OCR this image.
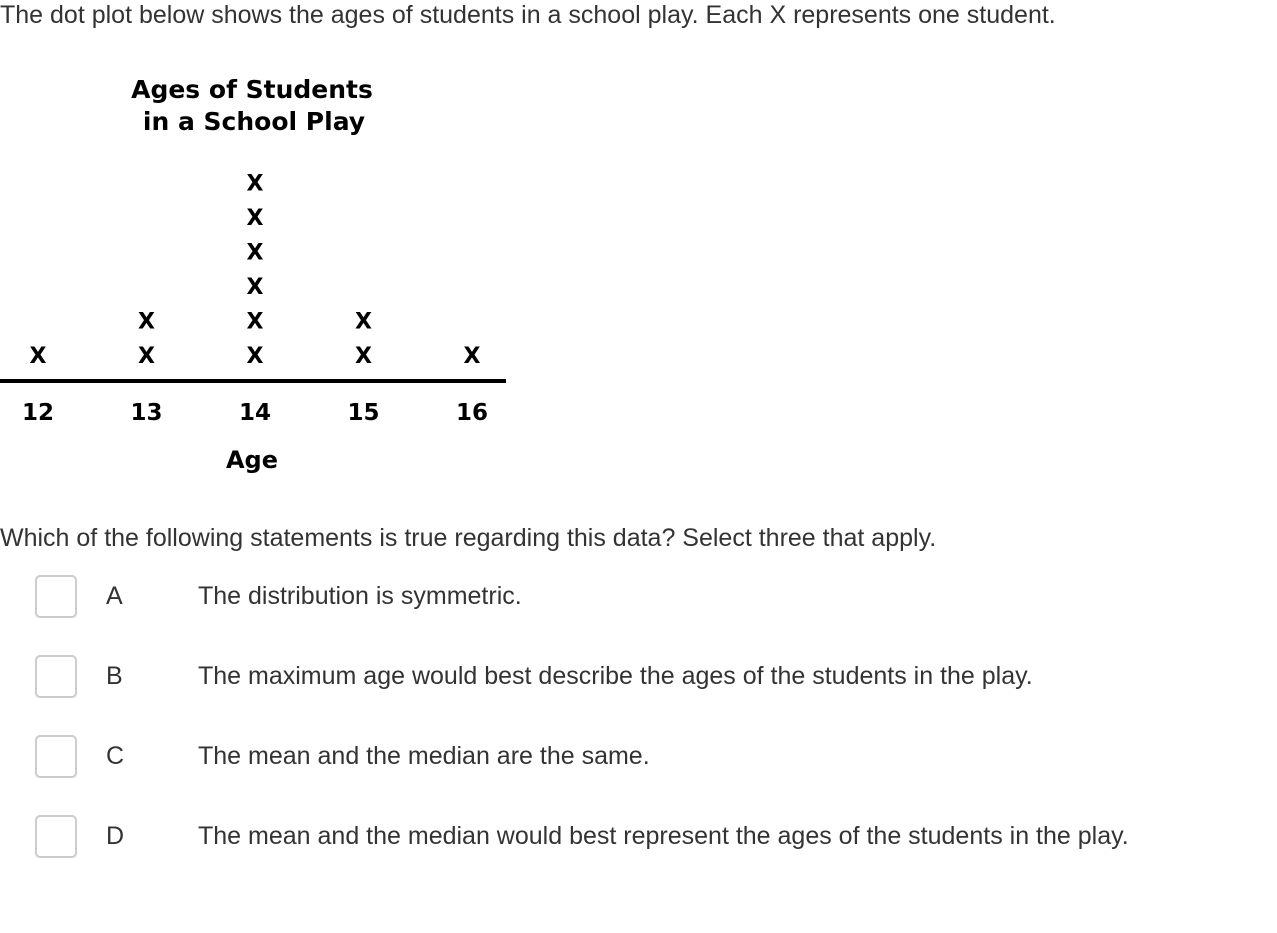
The dot plot below shows the ages of students in a school play. Each X represents one student.
Ages of Students
in a School Play
X	X
X
X
X
X
X
X
X
X
X
X
12	13	14	15	16
Age
Which of the following statements is true regarding this data? Select three that apply.
A	The distribution is symmetric.
B	The maximum age would best describe the ages of the students in the play.
C	The mean and the median are the same.
D	The mean and the median would best represent the ages of the students in the play.
